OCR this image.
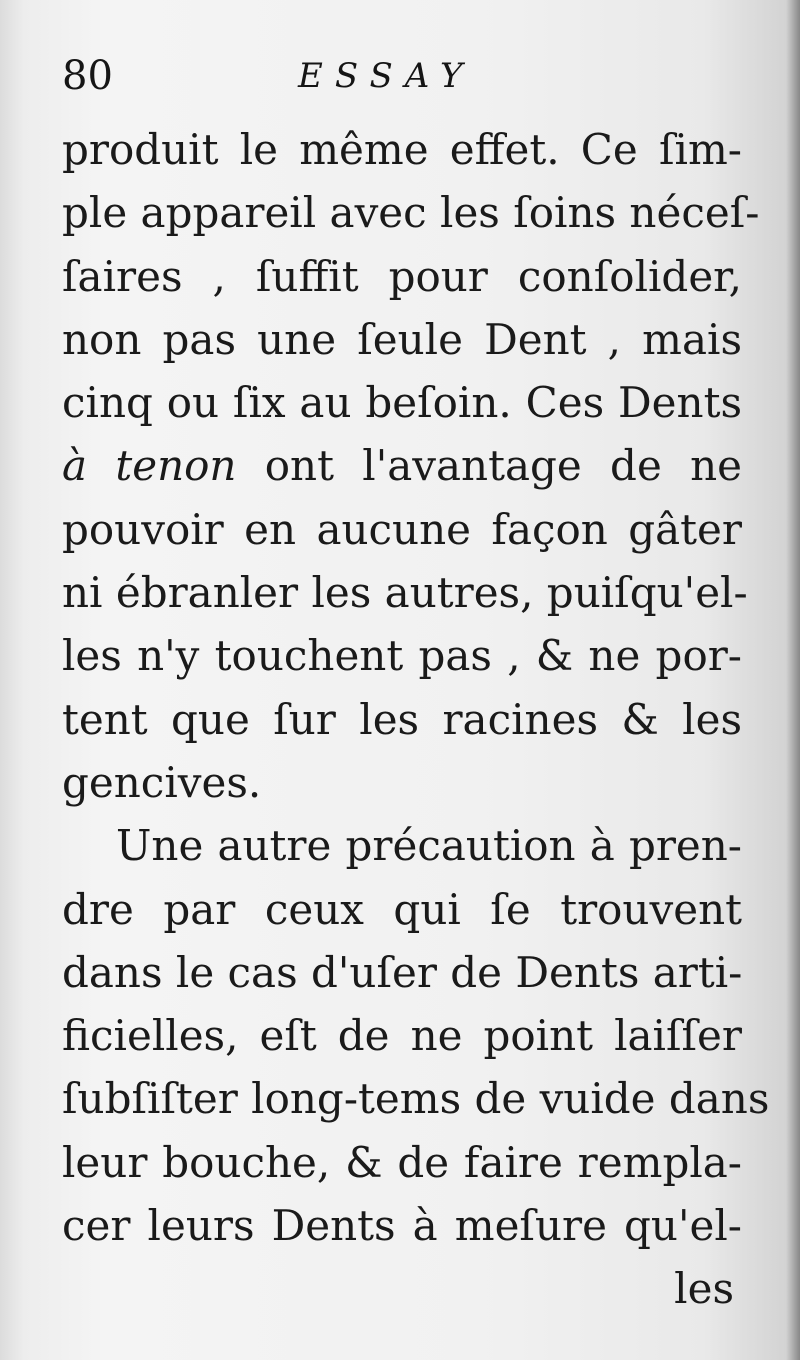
80	ESSAY
produit le même effet. Ce ſim-
ple appareil avec les ſoins néceſ-
ſaires , ſuffit pour conſolider,
non pas une ſeule Dent , mais
cinq ou ſix au beſoin. Ces Dents
à tenon ont l'avantage de ne
pouvoir en aucune façon gâter
ni ébranler les autres, puiſqu'el-
les n'y touchent pas , & ne por-
tent que ſur les racines & les
gencives.
Une autre précaution à pren-
dre par ceux qui ſe trouvent
dans le cas d'uſer de Dents arti-
ficielles, eſt de ne point laiſſer
ſubſiſter long-tems de vuide dans
leur bouche, & de faire rempla-
cer leurs Dents à meſure qu'el-
les
